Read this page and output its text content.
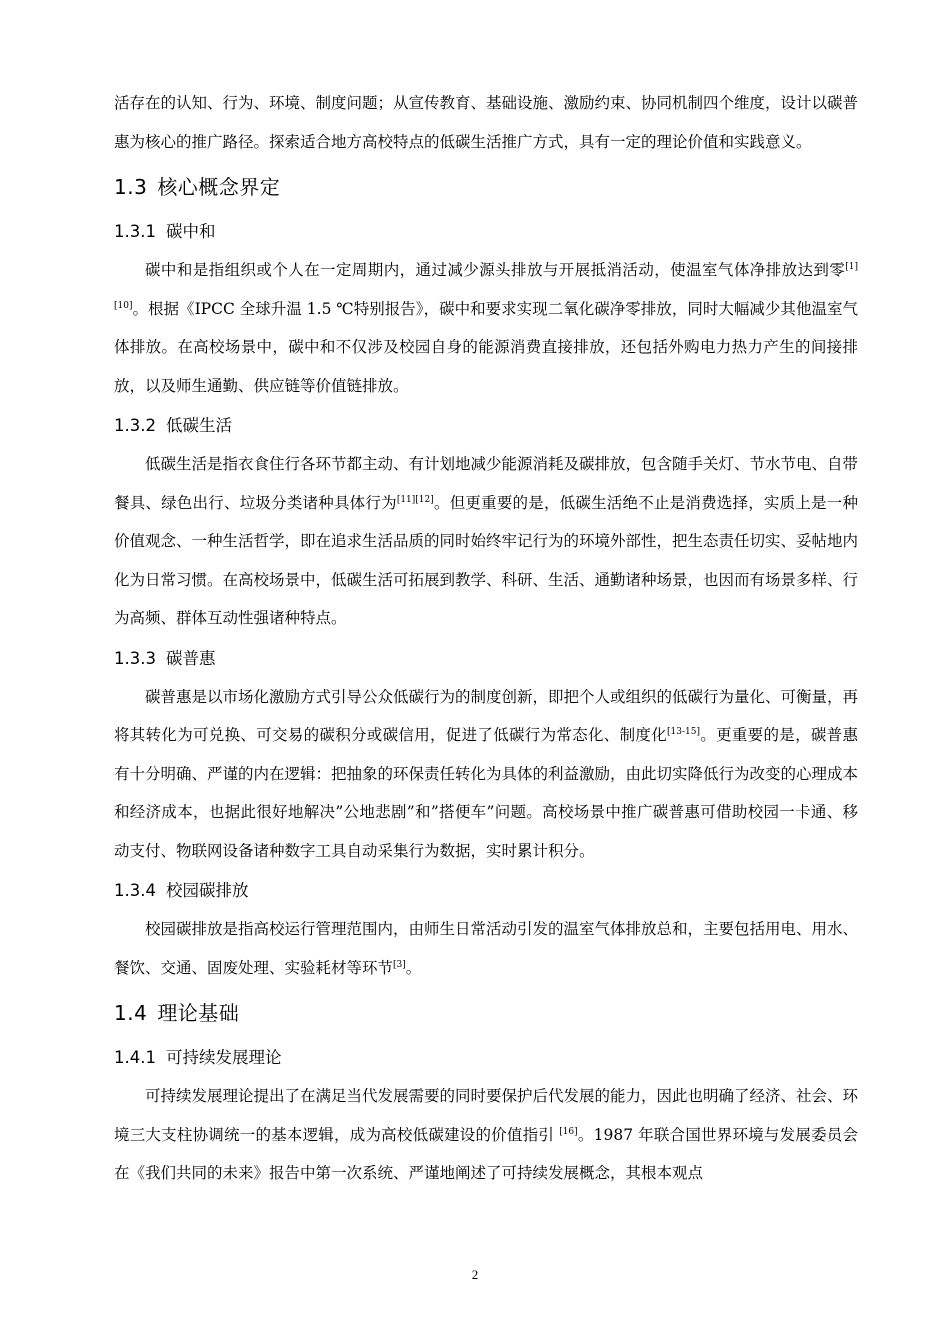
活存在的认知、行为、环境、制度问题；从宣传教育、基础设施、激励约束、协同机制四个维度，设计以碳普惠为核心的推广路径。探索适合地方高校特点的低碳生活推广方式，具有一定的理论价值和实践意义。

1.3 核心概念界定
1.3.1 碳中和

碳中和是指组织或个人在一定周期内，通过减少源头排放与开展抵消活动，使温室气体净排放达到零[1][10]。根据《IPCC 全球升温 1.5 ℃特别报告》，碳中和要求实现二氧化碳净零排放，同时大幅减少其他温室气体排放。在高校场景中，碳中和不仅涉及校园自身的能源消费直接排放，还包括外购电力热力产生的间接排放，以及师生通勤、供应链等价值链排放。

1.3.2 低碳生活

低碳生活是指衣食住行各环节都主动、有计划地减少能源消耗及碳排放，包含随手关灯、节水节电、自带餐具、绿色出行、垃圾分类诸种具体行为[11][12]。但更重要的是，低碳生活绝不止是消费选择，实质上是一种价值观念、一种生活哲学，即在追求生活品质的同时始终牢记行为的环境外部性，把生态责任切实、妥帖地内化为日常习惯。在高校场景中，低碳生活可拓展到教学、科研、生活、通勤诸种场景，也因而有场景多样、行为高频、群体互动性强诸种特点。

1.3.3 碳普惠

碳普惠是以市场化激励方式引导公众低碳行为的制度创新，即把个人或组织的低碳行为量化、可衡量，再将其转化为可兑换、可交易的碳积分或碳信用，促进了低碳行为常态化、制度化[13-15]。更重要的是，碳普惠有十分明确、严谨的内在逻辑：把抽象的环保责任转化为具体的利益激励，由此切实降低行为改变的心理成本和经济成本，也据此很好地解决”公地悲剧”和”搭便车”问题。高校场景中推广碳普惠可借助校园一卡通、移动支付、物联网设备诸种数字工具自动采集行为数据，实时累计积分。

1.3.4 校园碳排放

校园碳排放是指高校运行管理范围内，由师生日常活动引发的温室气体排放总和，主要包括用电、用水、餐饮、交通、固废处理、实验耗材等环节[3]。

1.4 理论基础
1.4.1 可持续发展理论

可持续发展理论提出了在满足当代发展需要的同时要保护后代发展的能力，因此也明确了经济、社会、环境三大支柱协调统一的基本逻辑，成为高校低碳建设的价值指引 [16]。1987 年联合国世界环境与发展委员会在《我们共同的未来》报告中第一次系统、严谨地阐述了可持续发展概念，其根本观点

2
